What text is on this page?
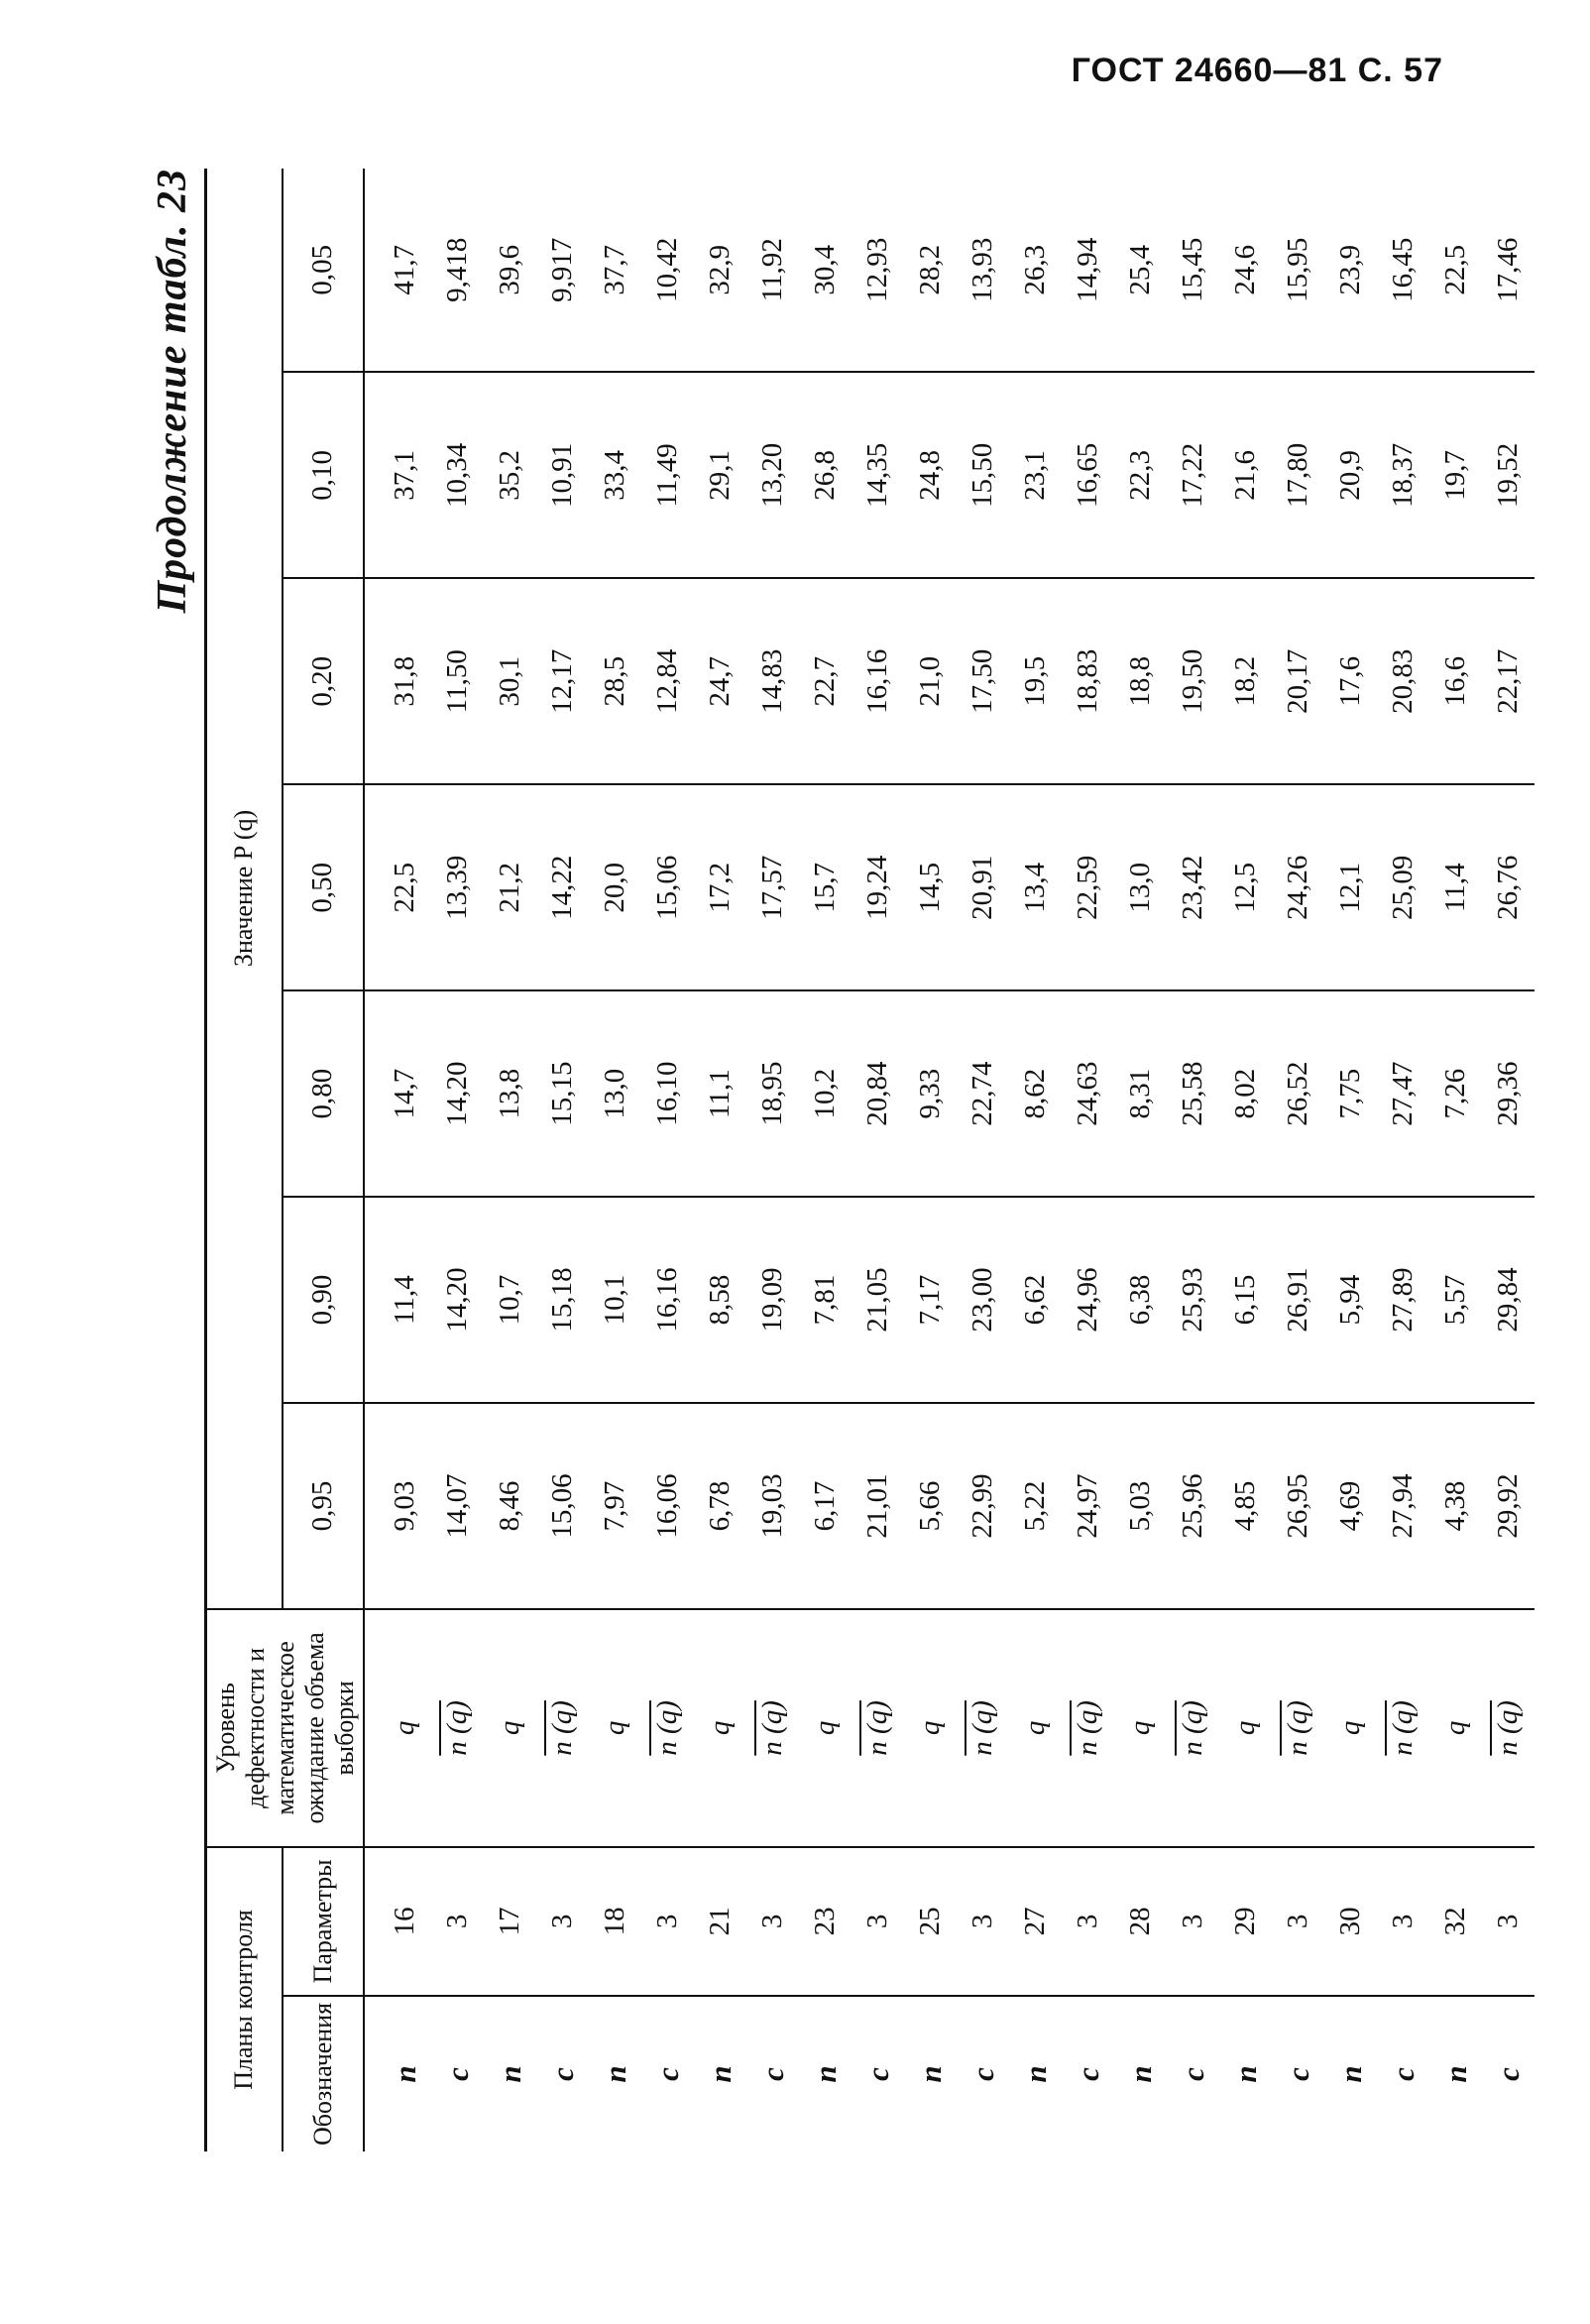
ГОСТ 24660—81 С. 57
Продолжение табл. 23
Планы контроля		Уровень дефектности и математическое ожидание объема выборки	Значение P (q)						
Обозначения	Параметры		0,95	0,90	0,80	0,50	0,20	0,10	0,05
n	16	q	9,03	11,4	14,7	22,5	31,8	37,1	41,7
c	3	n (q)	14,07	14,20	14,20	13,39	11,50	10,34	9,418
n	17	q	8,46	10,7	13,8	21,2	30,1	35,2	39,6
c	3	n (q)	15,06	15,18	15,15	14,22	12,17	10,91	9,917
n	18	q	7,97	10,1	13,0	20,0	28,5	33,4	37,7
c	3	n (q)	16,06	16,16	16,10	15,06	12,84	11,49	10,42
n	21	q	6,78	8,58	11,1	17,2	24,7	29,1	32,9
c	3	n (q)	19,03	19,09	18,95	17,57	14,83	13,20	11,92
n	23	q	6,17	7,81	10,2	15,7	22,7	26,8	30,4
c	3	n (q)	21,01	21,05	20,84	19,24	16,16	14,35	12,93
n	25	q	5,66	7,17	9,33	14,5	21,0	24,8	28,2
c	3	n (q)	22,99	23,00	22,74	20,91	17,50	15,50	13,93
n	27	q	5,22	6,62	8,62	13,4	19,5	23,1	26,3
c	3	n (q)	24,97	24,96	24,63	22,59	18,83	16,65	14,94
n	28	q	5,03	6,38	8,31	13,0	18,8	22,3	25,4
c	3	n (q)	25,96	25,93	25,58	23,42	19,50	17,22	15,45
n	29	q	4,85	6,15	8,02	12,5	18,2	21,6	24,6
c	3	n (q)	26,95	26,91	26,52	24,26	20,17	17,80	15,95
n	30	q	4,69	5,94	7,75	12,1	17,6	20,9	23,9
c	3	n (q)	27,94	27,89	27,47	25,09	20,83	18,37	16,45
n	32	q	4,38	5,57	7,26	11,4	16,6	19,7	22,5
c	3	n (q)	29,92	29,84	29,36	26,76	22,17	19,52	17,46
